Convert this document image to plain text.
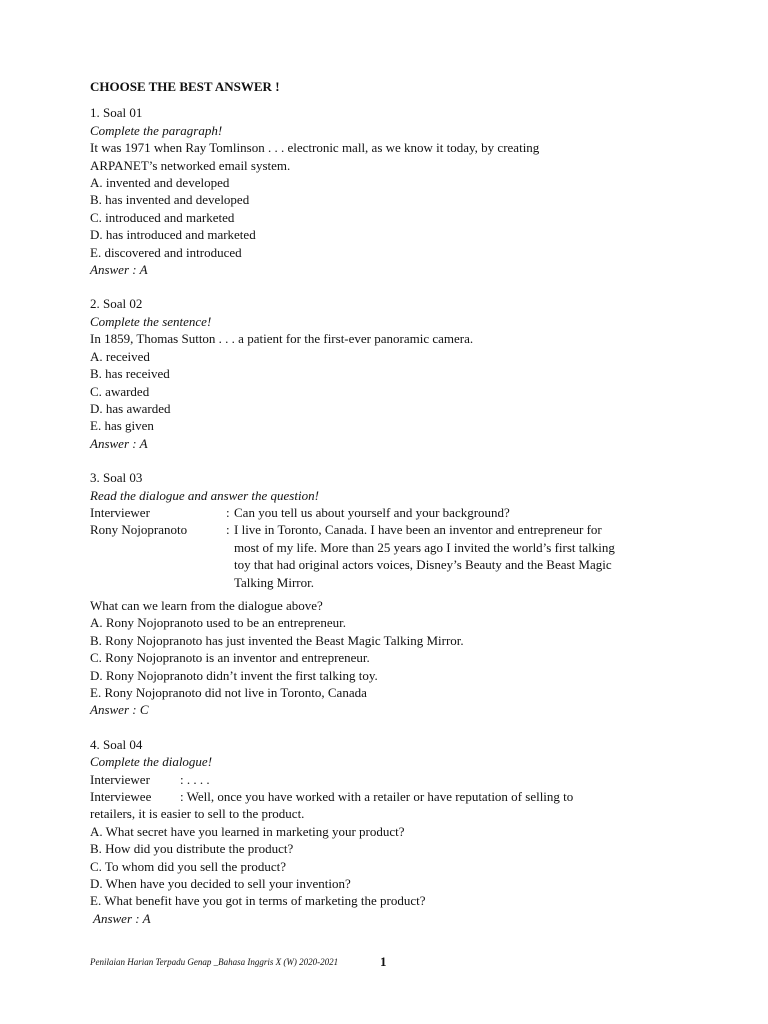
CHOOSE THE BEST ANSWER !
1. Soal 01
Complete the paragraph!
It was 1971 when Ray Tomlinson . . . electronic mall, as we know it today, by creating
ARPANET’s networked email system.
A. invented and developed
B. has invented and developed
C. introduced and marketed
D. has introduced and marketed
E. discovered and introduced
Answer : A
2. Soal 02
Complete the sentence!
In 1859, Thomas Sutton . . . a patient for the first-ever panoramic camera.
A. received
B. has received
C. awarded
D. has awarded
E. has given
Answer : A
3. Soal 03
Read the dialogue and answer the question!
Interviewer	: Can you tell us about yourself and your background?
Rony Nojopranoto	: I live in Toronto, Canada. I have been an inventor and entrepreneur for
most of my life. More than 25 years ago I invited the world’s first talking
toy that had original actors voices, Disney’s Beauty and the Beast Magic
Talking Mirror.
What can we learn from the dialogue above?
A. Rony Nojopranoto used to be an entrepreneur.
B. Rony Nojopranoto has just invented the Beast Magic Talking Mirror.
C. Rony Nojopranoto is an inventor and entrepreneur.
D. Rony Nojopranoto didn’t invent the first talking toy.
E. Rony Nojopranoto did not live in Toronto, Canada
Answer : C
4. Soal 04
Complete the dialogue!
Interviewer	: . . . .
Interviewee	: Well, once you have worked with a retailer or have reputation of selling to
retailers, it is easier to sell to the product.
A. What secret have you learned in marketing your product?
B. How did you distribute the product?
C. To whom did you sell the product?
D. When have you decided to sell your invention?
E. What benefit have you got in terms of marketing the product?
Answer : A
Penilaian Harian Terpadu Genap _Bahasa Inggris X (W) 2020-2021	1
